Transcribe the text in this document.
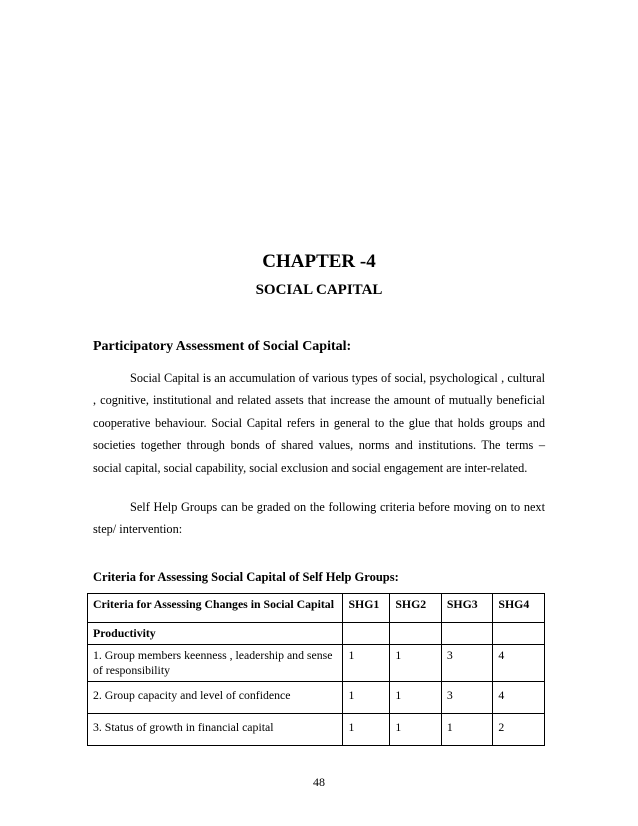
CHAPTER -4
SOCIAL CAPITAL
Participatory Assessment of Social Capital:

Social Capital is an accumulation of various types of social, psychological , cultural , cognitive, institutional and related assets that increase the amount of mutually beneficial cooperative behaviour. Social Capital refers in general to the glue that holds groups and societies together through bonds of shared values, norms and institutions. The terms – social capital, social capability, social exclusion and social engagement are inter-related.

Self Help Groups can be graded on the following criteria before moving on to next step/ intervention:

Criteria for Assessing Social Capital of Self Help Groups:
Criteria for Assessing Changes in Social Capital	SHG1	SHG2	SHG3	SHG4
Productivity				
1. Group members keenness , leadership and sense of responsibility	1	1	3	4
2. Group capacity and level of confidence	1	1	3	4
3. Status of growth in financial capital	1	1	1	2
48
